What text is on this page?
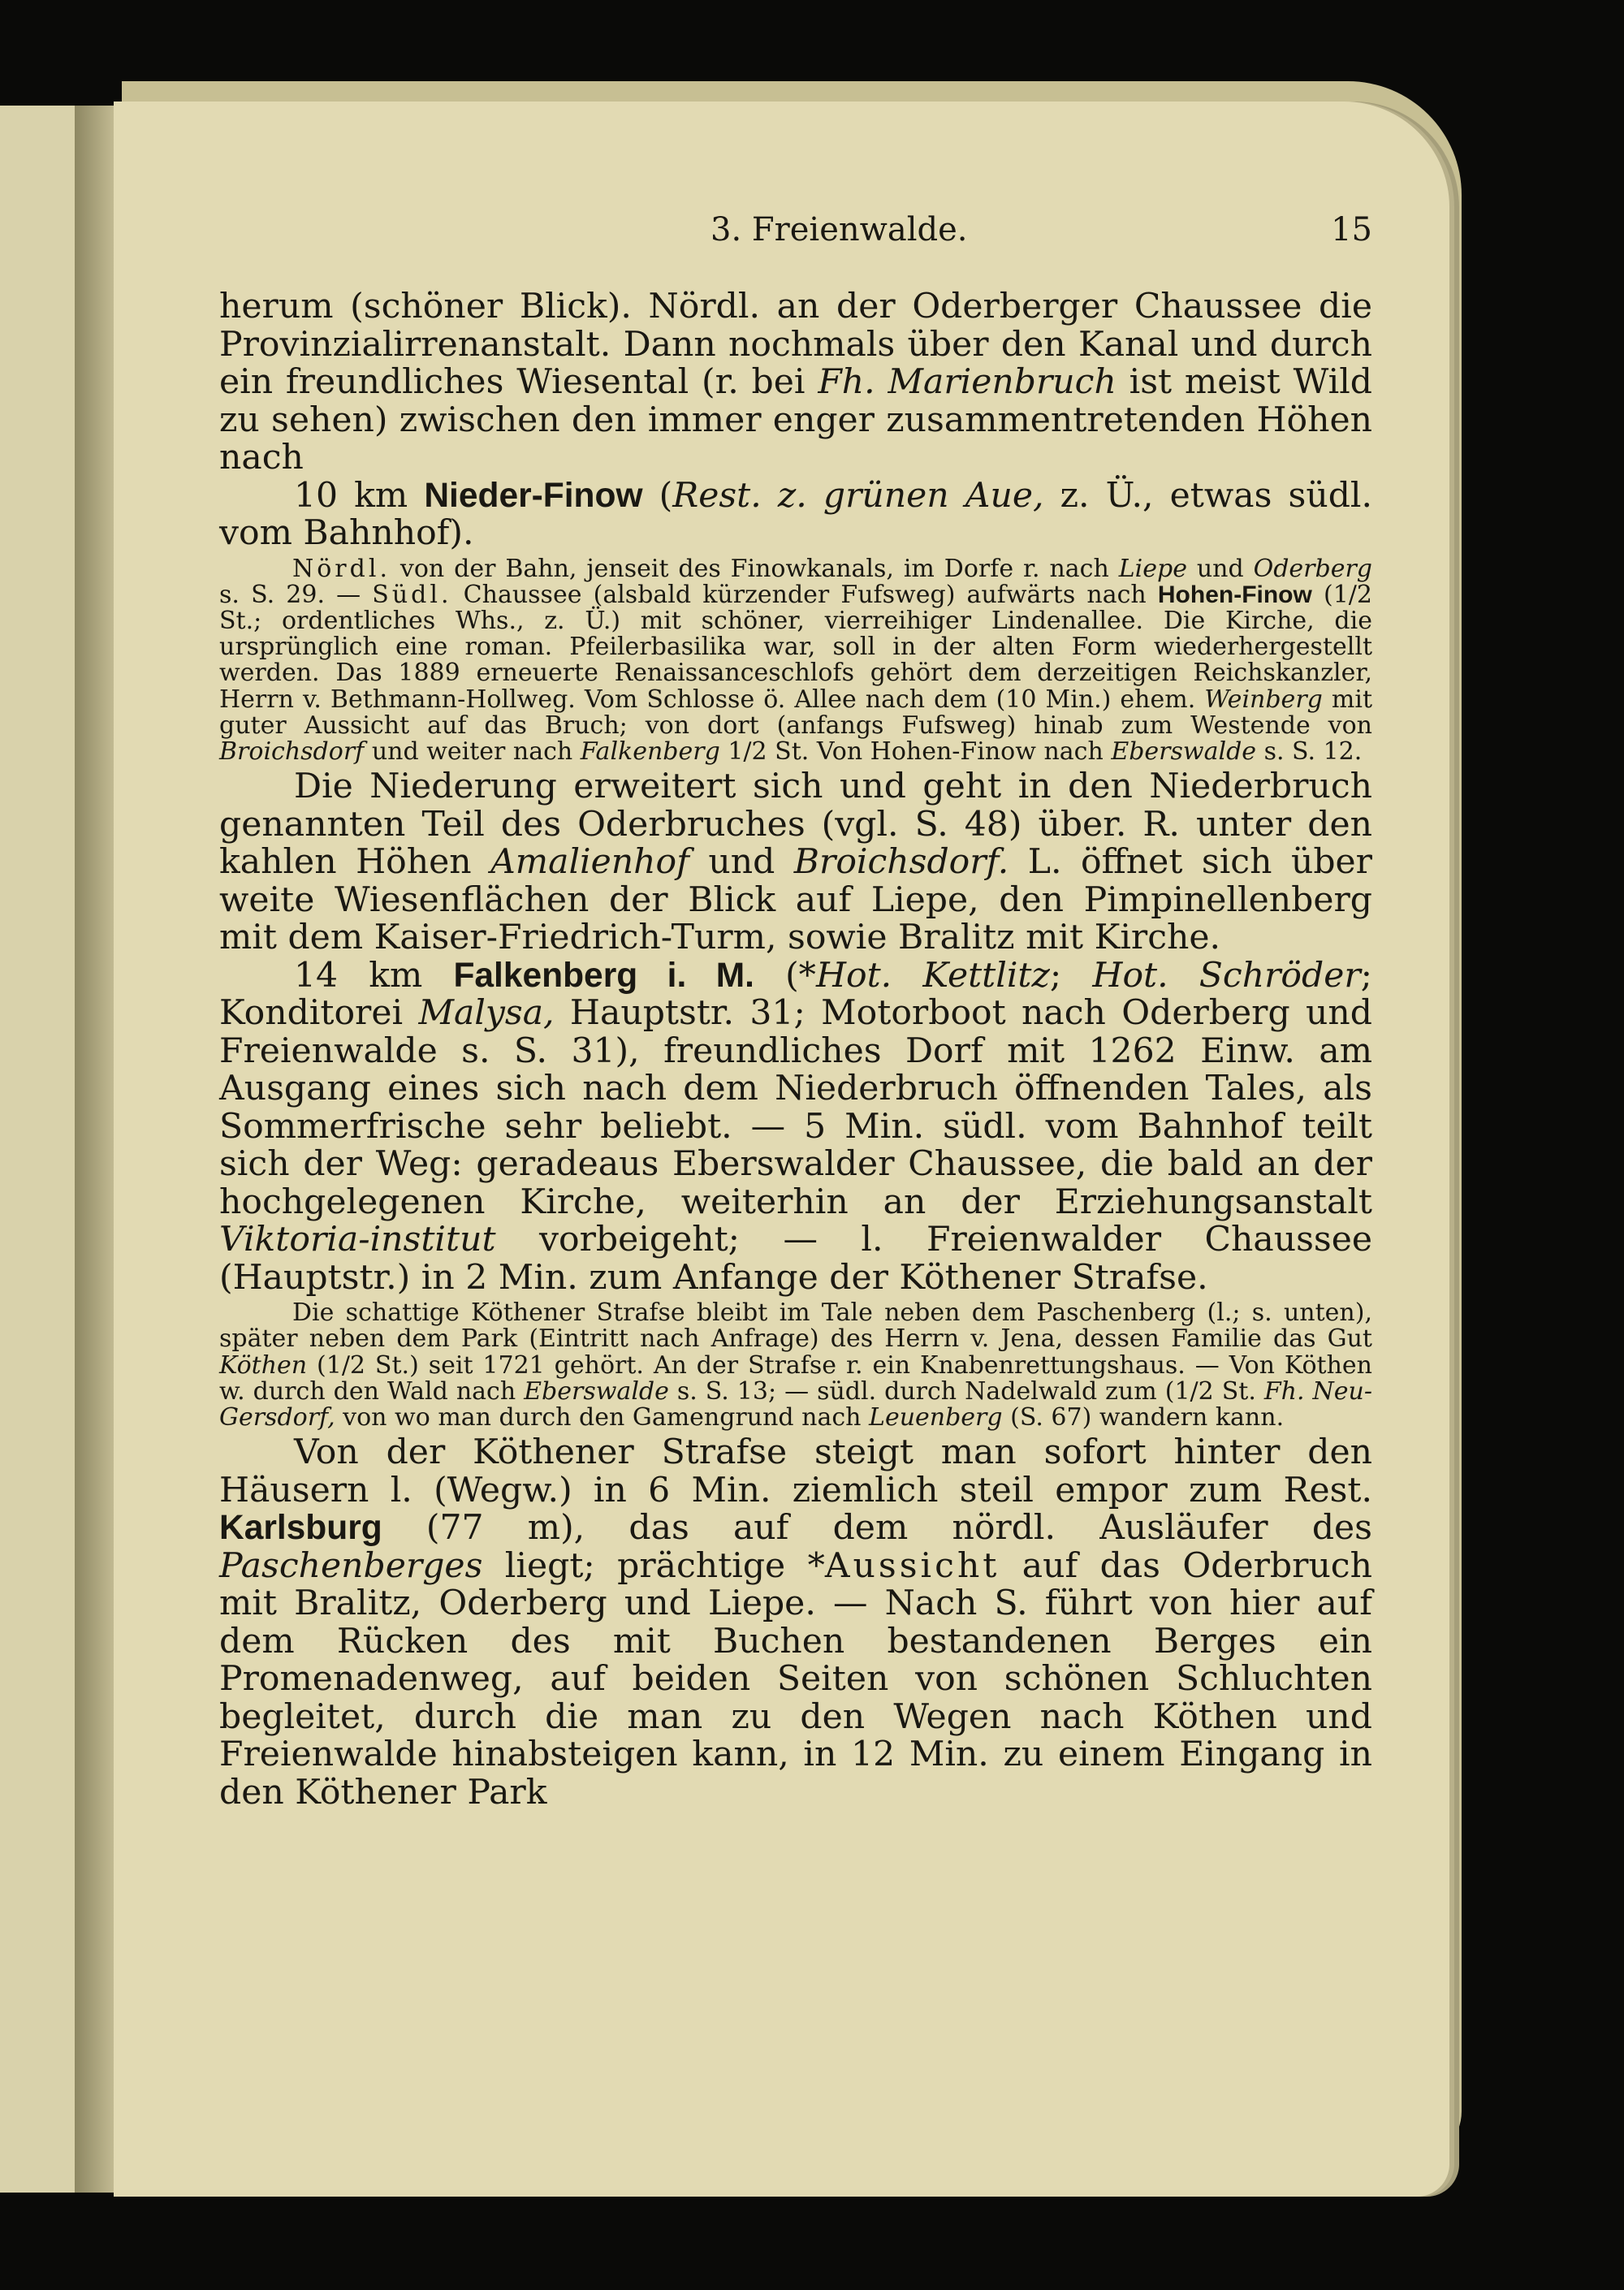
3. Freienwalde.	15

herum (schöner Blick). Nördl. an der Oderberger Chaussee die Provinzialirrenanstalt. Dann nochmals über den Kanal und durch ein freundliches Wiesental (r. bei Fh. Marienbruch ist meist Wild zu sehen) zwischen den immer enger zusammentretenden Höhen nach

10 km Nieder-Finow (Rest. z. grünen Aue, z. Ü., etwas südl. vom Bahnhof).

Nördl. von der Bahn, jenseit des Finowkanals, im Dorfe r. nach Liepe und Oderberg s. S. 29. — Südl. Chaussee (alsbald kürzender Fufsweg) aufwärts nach Hohen-Finow (1/2 St.; ordentliches Whs., z. Ü.) mit schöner, vierreihiger Lindenallee. Die Kirche, die ursprünglich eine roman. Pfeilerbasilika war, soll in der alten Form wiederhergestellt werden. Das 1889 erneuerte Renaissanceschlofs gehört dem derzeitigen Reichskanzler, Herrn v. Bethmann-Hollweg. Vom Schlosse ö. Allee nach dem (10 Min.) ehem. Weinberg mit guter Aussicht auf das Bruch; von dort (anfangs Fufsweg) hinab zum Westende von Broichsdorf und weiter nach Falkenberg 1/2 St. Von Hohen-Finow nach Eberswalde s. S. 12.

Die Niederung erweitert sich und geht in den Niederbruch genannten Teil des Oderbruches (vgl. S. 48) über. R. unter den kahlen Höhen Amalienhof und Broichsdorf. L. öffnet sich über weite Wiesenflächen der Blick auf Liepe, den Pimpinellenberg mit dem Kaiser-Friedrich-Turm, sowie Bralitz mit Kirche.

14 km Falkenberg i. M. (*Hot. Kettlitz; Hot. Schröder; Konditorei Malysa, Hauptstr. 31; Motorboot nach Oderberg und Freienwalde s. S. 31), freundliches Dorf mit 1262 Einw. am Ausgang eines sich nach dem Niederbruch öffnenden Tales, als Sommerfrische sehr beliebt. — 5 Min. südl. vom Bahnhof teilt sich der Weg: geradeaus Eberswalder Chaussee, die bald an der hochgelegenen Kirche, weiterhin an der Erziehungsanstalt Viktoria-institut vorbeigeht; — l. Freienwalder Chaussee (Hauptstr.) in 2 Min. zum Anfange der Köthener Strafse.

Die schattige Köthener Strafse bleibt im Tale neben dem Paschenberg (l.; s. unten), später neben dem Park (Eintritt nach Anfrage) des Herrn v. Jena, dessen Familie das Gut Köthen (1/2 St.) seit 1721 gehört. An der Strafse r. ein Knabenrettungshaus. — Von Köthen w. durch den Wald nach Eberswalde s. S. 13; — südl. durch Nadelwald zum (1/2 St. Fh. Neu-Gersdorf, von wo man durch den Gamengrund nach Leuenberg (S. 67) wandern kann.

Von der Köthener Strafse steigt man sofort hinter den Häusern l. (Wegw.) in 6 Min. ziemlich steil empor zum Rest. Karlsburg (77 m), das auf dem nördl. Ausläufer des Paschenberges liegt; prächtige *Aussicht auf das Oderbruch mit Bralitz, Oderberg und Liepe. — Nach S. führt von hier auf dem Rücken des mit Buchen bestandenen Berges ein Promenadenweg, auf beiden Seiten von schönen Schluchten begleitet, durch die man zu den Wegen nach Köthen und Freienwalde hinabsteigen kann, in 12 Min. zu einem Eingang in den Köthener Park
